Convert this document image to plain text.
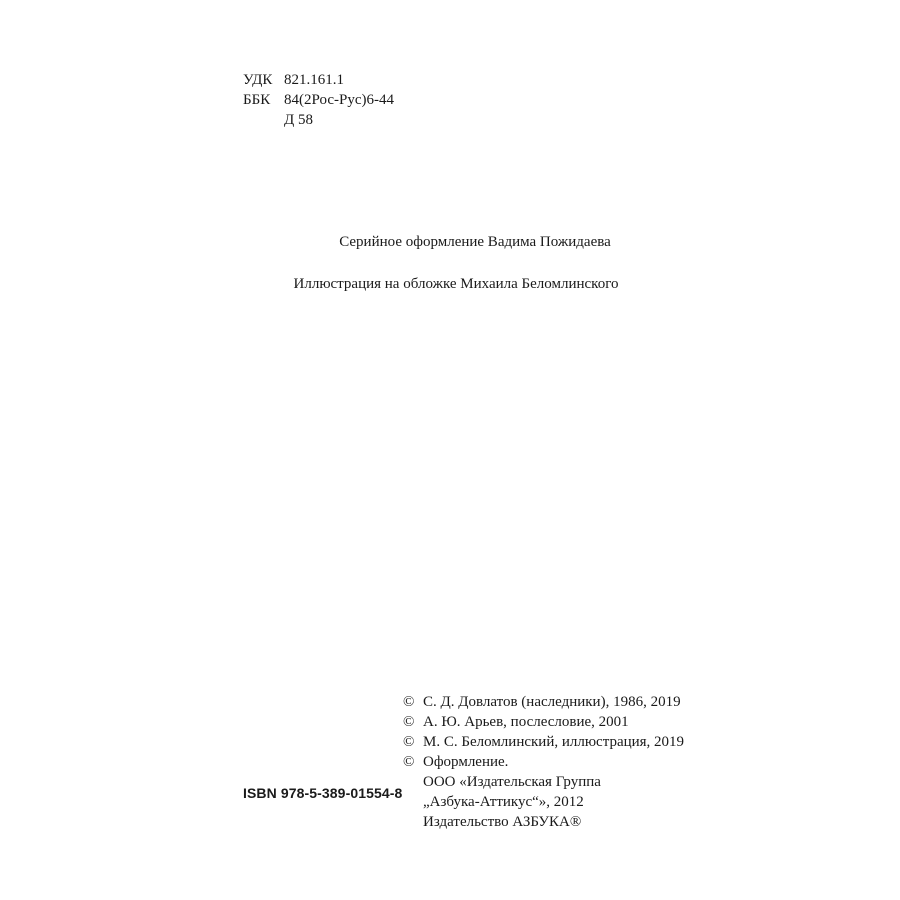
УДК 821.161.1
ББК 84(2Рос-Рус)6-44
Д 58
Серийное оформление Вадима Пожидаева
Иллюстрация на обложке Михаила Беломлинского
© С. Д. Довлатов (наследники), 1986, 2019
© А. Ю. Арьев, послесловие, 2001
© М. С. Беломлинский, иллюстрация, 2019
© Оформление.
ООО «Издательская Группа
„Азбука-Аттикус“», 2012
Издательство АЗБУКА®
ISBN 978-5-389-01554-8
